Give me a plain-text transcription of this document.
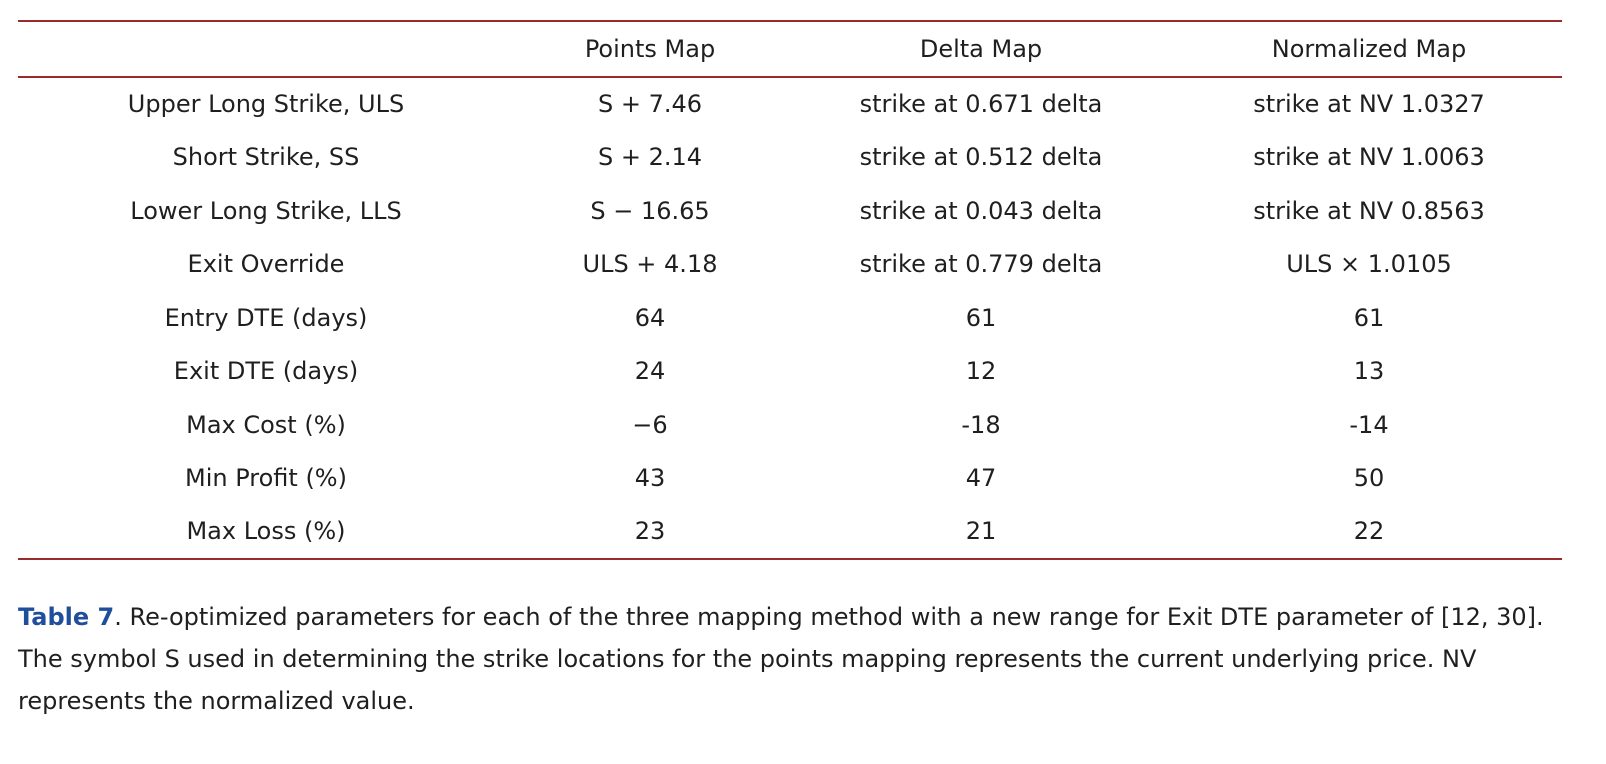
	Points Map	Delta Map	Normalized Map
Upper Long Strike, ULS	S + 7.46	strike at 0.671 delta	strike at NV 1.0327
Short Strike, SS	S + 2.14	strike at 0.512 delta	strike at NV 1.0063
Lower Long Strike, LLS	S − 16.65	strike at 0.043 delta	strike at NV 0.8563
Exit Override	ULS + 4.18	strike at 0.779 delta	ULS × 1.0105
Entry DTE (days)	64	61	61
Exit DTE (days)	24	12	13
Max Cost (%)	−6	-18	-14
Min Profit (%)	43	47	50
Max Loss (%)	23	21	22
Table 7. Re-optimized parameters for each of the three mapping method with a new range for Exit DTE parameter of [12, 30]. The symbol S used in determining the strike locations for the points mapping represents the current underlying price. NV represents the normalized value.
